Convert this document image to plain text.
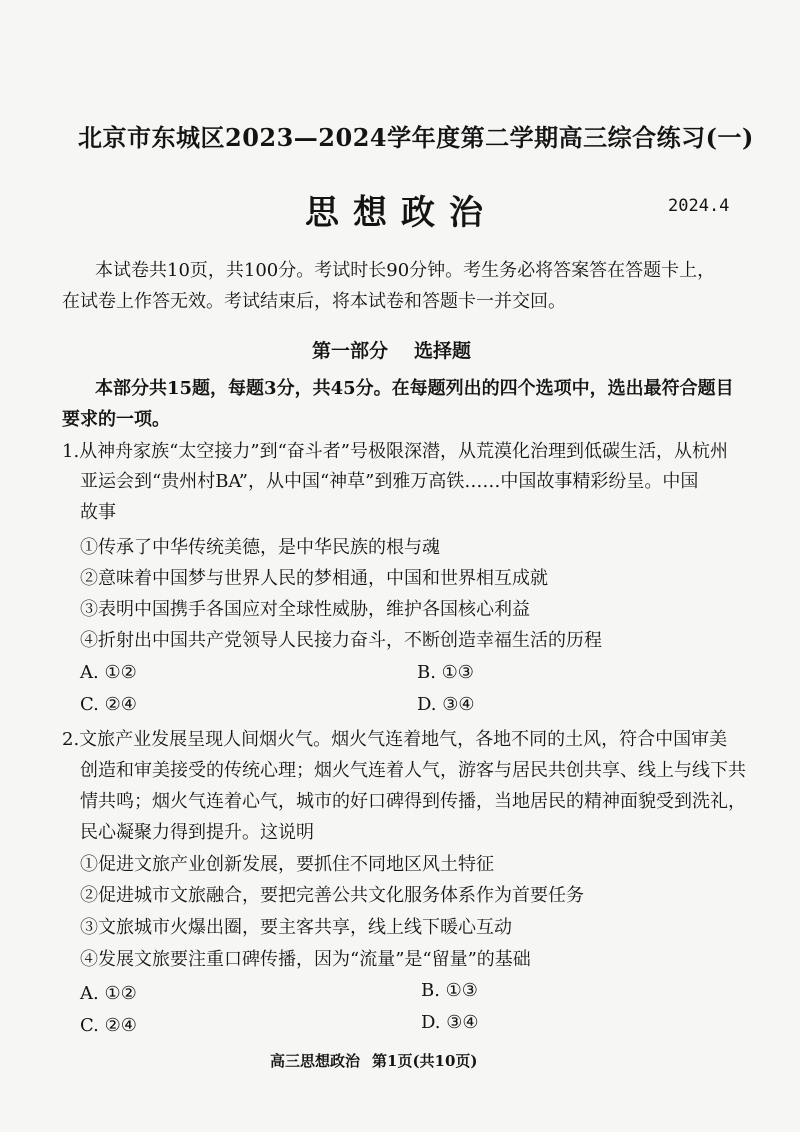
北京市东城区2023—2024学年度第二学期高三综合练习(一)
思想政治	2024.4
本试卷共10页，共100分。考试时长90分钟。考生务必将答案答在答题卡上，
在试卷上作答无效。考试结束后，将本试卷和答题卡一并交回。
第一部分 选择题
本部分共15题，每题3分，共45分。在每题列出的四个选项中，选出最符合题目
要求的一项。
1.从神舟家族“太空接力”到“奋斗者”号极限深潜，从荒漠化治理到低碳生活，从杭州
亚运会到“贵州村BA”，从中国“神草”到雅万高铁……中国故事精彩纷呈。中国
故事
①传承了中华传统美德，是中华民族的根与魂
②意味着中国梦与世界人民的梦相通，中国和世界相互成就
③表明中国携手各国应对全球性威胁，维护各国核心利益
④折射出中国共产党领导人民接力奋斗，不断创造幸福生活的历程
A. ①②	B. ①③
C. ②④	D. ③④
2.文旅产业发展呈现人间烟火气。烟火气连着地气，各地不同的土风，符合中国审美
创造和审美接受的传统心理；烟火气连着人气，游客与居民共创共享、线上与线下共
情共鸣；烟火气连着心气，城市的好口碑得到传播，当地居民的精神面貌受到洗礼，
民心凝聚力得到提升。这说明
①促进文旅产业创新发展，要抓住不同地区风土特征
②促进城市文旅融合，要把完善公共文化服务体系作为首要任务
③文旅城市火爆出圈，要主客共享，线上线下暖心互动
④发展文旅要注重口碑传播，因为“流量”是“留量”的基础
A. ①②	B. ①③
C. ②④	D. ③④
高三思想政治 第1页(共10页)
